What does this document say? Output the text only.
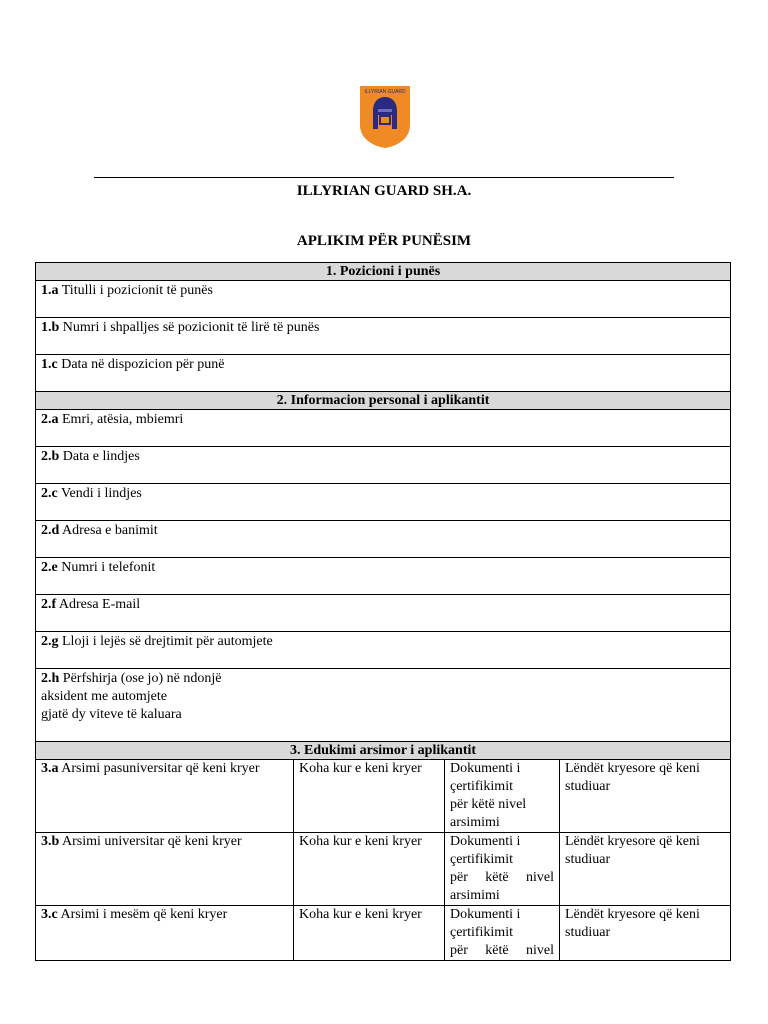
ILLYRIAN GUARD
ILLYRIAN GUARD SH.A.
APLIKIM PËR PUNËSIM
1. Pozicioni i punës			
1.a Titulli i pozicionit të punës			
1.b Numri i shpalljes së pozicionit të lirë të punës			
1.c Data në dispozicion për punë			
2. Informacion personal i aplikantit			
2.a Emri, atësia, mbiemri			
2.b Data e lindjes			
2.c Vendi i lindjes			
2.d Adresa e banimit			
2.e Numri i telefonit			
2.f Adresa E-mail			
2.g Lloji i lejës së drejtimit për automjete			
2.h Përfshirja (ose jo) në ndonjë
aksident me automjete
gjatë dy viteve të kaluara			
3. Edukimi arsimor i aplikantit			
3.a Arsimi pasuniversitar që keni kryer	Koha kur e keni kryer	Dokumenti i
çertifikimit
për këtë nivel
arsimimi	Lëndët kryesore që keni studiuar
3.b Arsimi universitar që keni kryer	Koha kur e keni kryer	Dokumenti i
çertifikimit

për këtë nivel
arsimimi	Lëndët kryesore që keni studiuar
3.c Arsimi i mesëm që keni kryer	Koha kur e keni kryer	Dokumenti i
çertifikimit

për këtë nivel	Lëndët kryesore që keni studiuar
